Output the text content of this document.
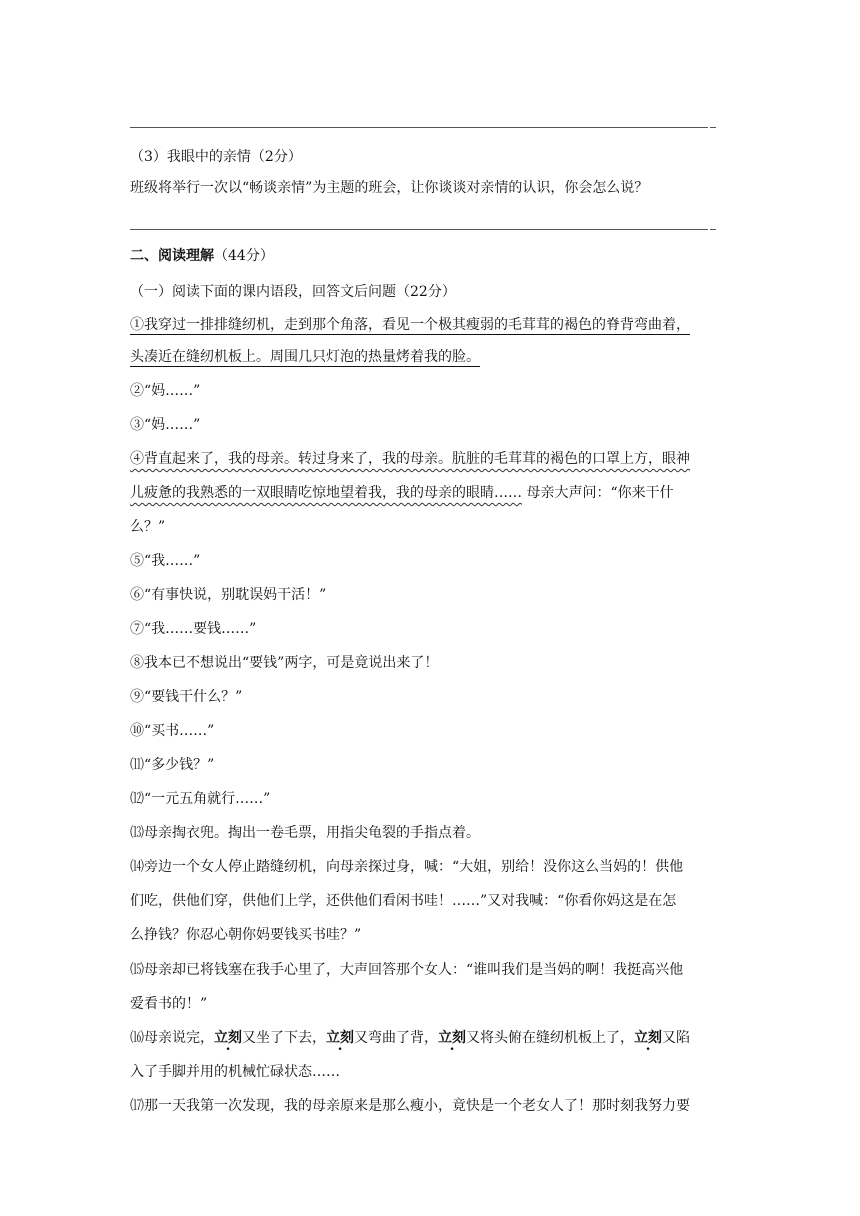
（3）我眼中的亲情（2分）
班级将举行一次以“畅谈亲情”为主题的班会，让你谈谈对亲情的认识，你会怎么说？
二、阅读理解（44分）
（一）阅读下面的课内语段，回答文后问题（22分）
①我穿过一排排缝纫机，走到那个角落，看见一个极其瘦弱的毛茸茸的褐色的脊背弯曲着，
头凑近在缝纫机板上。周围几只灯泡的热量烤着我的脸。
②“妈……”
③“妈……”
④背直起来了，我的母亲。转过身来了，我的母亲。肮脏的毛茸茸的褐色的口罩上方，眼神
儿疲惫的我熟悉的一双眼睛吃惊地望着我，我的母亲的眼睛…… 母亲大声问：“你来干什
么？”
⑤“我……”
⑥“有事快说，别耽误妈干活！”
⑦“我……要钱……”
⑧我本已不想说出“要钱”两字，可是竟说出来了！
⑨“要钱干什么？”
⑩“买书……”
⑾“多少钱？”
⑿“一元五角就行……”
⒀母亲掏衣兜。掏出一卷毛票，用指尖龟裂的手指点着。
⒁旁边一个女人停止踏缝纫机，向母亲探过身，喊：“大姐，别给！没你这么当妈的！供他
们吃，供他们穿，供他们上学，还供他们看闲书哇！……”又对我喊：“你看你妈这是在怎
么挣钱？你忍心朝你妈要钱买书哇？”
⒂母亲却已将钱塞在我手心里了，大声回答那个女人：“谁叫我们是当妈的啊！我挺高兴他
爱看书的！”
⒃母亲说完，立刻又坐了下去，立刻又弯曲了背，立刻又将头俯在缝纫机板上了，立刻又陷
入了手脚并用的机械忙碌状态……
⒄那一天我第一次发现，我的母亲原来是那么瘦小，竟快是一个老女人了！那时刻我努力要
